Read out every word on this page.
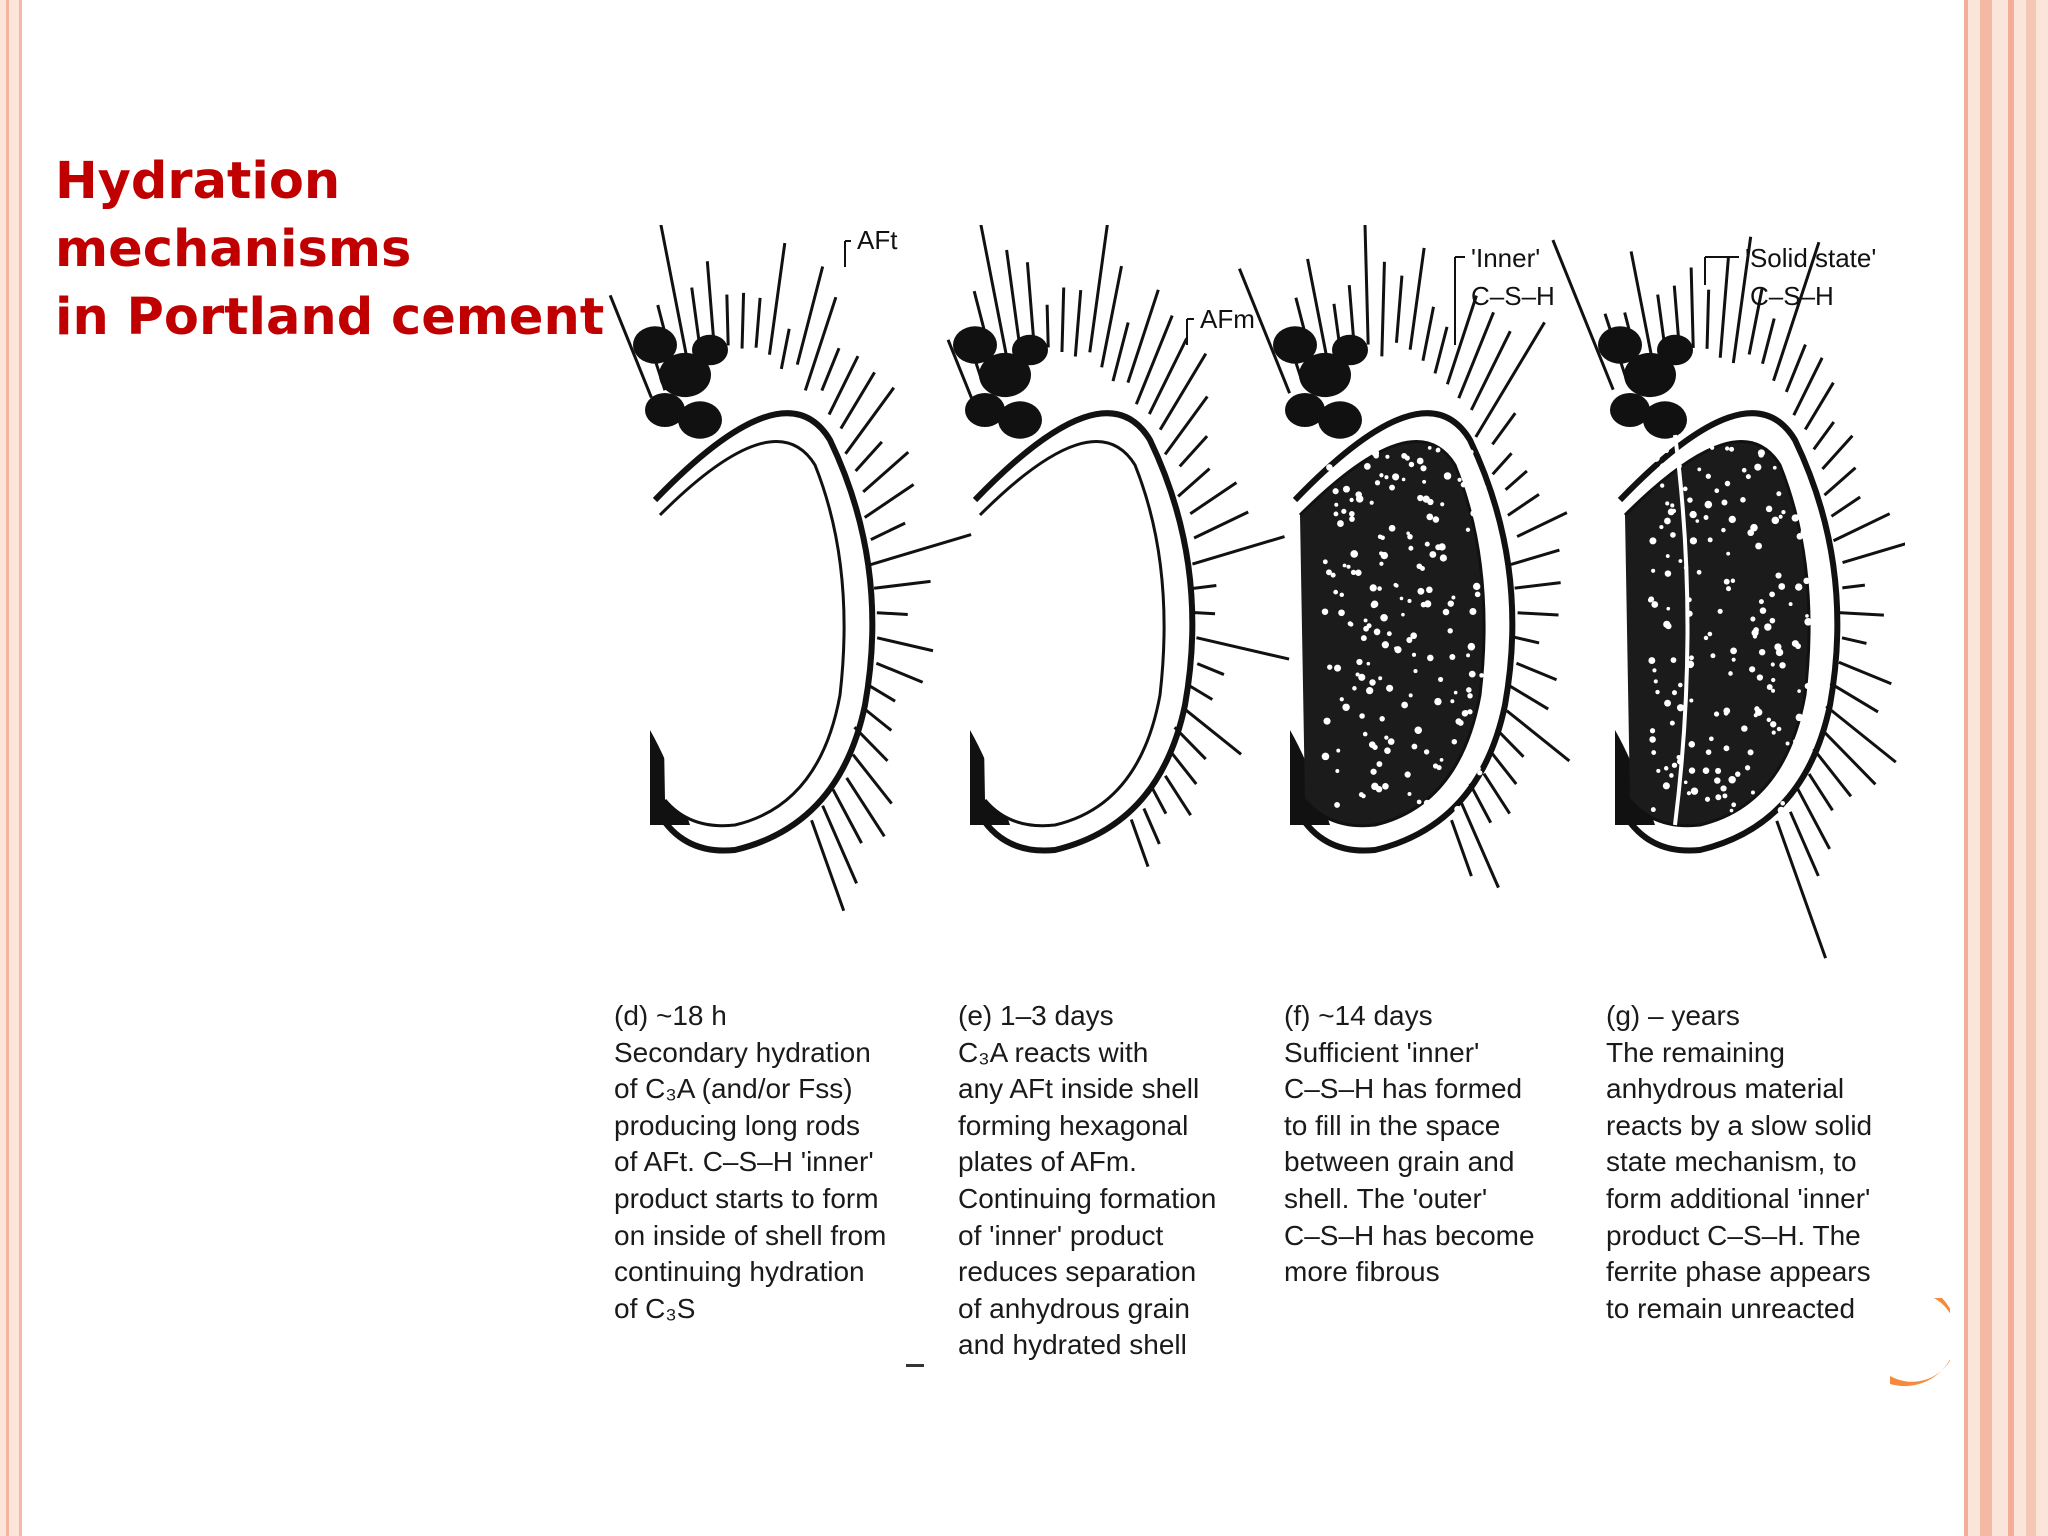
Hydration mechanisms
in Portland cement
AFt
AFm
'Inner'
C–S–H
'Solid state'
C–S–H
(d) ~18 h
Secondary hydration
of C₃A (and/or Fss)
producing long rods
of AFt. C–S–H 'inner'
product starts to form
on inside of shell from
continuing hydration
of C₃S
(e) 1–3 days
C₃A reacts with
any AFt inside shell
forming hexagonal
plates of AFm.
Continuing formation
of 'inner' product
reduces separation
of anhydrous grain
and hydrated shell
(f) ~14 days
Sufficient 'inner'
C–S–H has formed
to fill in the space
between grain and
shell. The 'outer'
C–S–H has become
more fibrous
(g) – years
The remaining
anhydrous material
reacts by a slow solid
state mechanism, to
form additional 'inner'
product C–S–H. The
ferrite phase appears
to remain unreacted
